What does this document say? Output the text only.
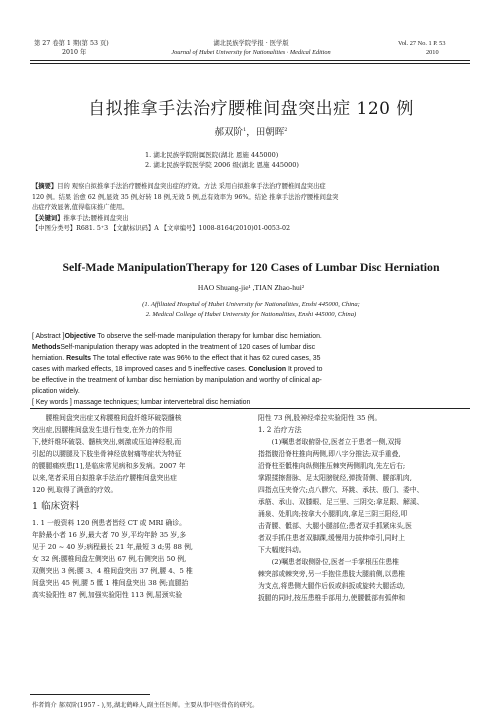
第 27 卷第 1 期(第 53 页)
2010 年
湖北民族学院学报 · 医学版
Journal of Hubei University for Nationalities · Medical Edition
Vol. 27 No. 1 P. 53
2010
自拟推拿手法治疗腰椎间盘突出症 120 例
郝双阶$^1$，田朝晖$^2$
1. 湖北民族学院附属医院(湖北 恩施 445000)
2. 湖北民族学院医学院 2006 级(湖北 恩施 445000)
【摘要】目的 观察自拟推拿手法治疗腰椎间盘突出症的疗效。方法 采用自拟推拿手法治疗腰椎间盘突出症
120 例。结果 治愈 62 例,显效 35 例,好转 18 例,无效 5 例,总有效率为 96%。结论 推拿手法治疗腰椎间盘突
出症疗效显著,值得临床推广使用。
【关键词】推拿手法;腰椎间盘突出
【中图分类号】R681. 5⁺3 【文献标识码】A 【文章编号】1008-8164(2010)01-0053-02
Self-Made ManipulationTherapy for 120 Cases of Lumbar Disc Herniation
HAO Shuang-jie¹ ,TIAN Zhao-hui²
(1. Affiliated Hospital of Hubei University for Nationalities, Enshi 445000, China;
2. Medical College of Hubei University for Nationalities, Enshi 445000, China)
[ Abstract ]Objective To observe the self-made manipulation therapy for lumbar disc herniation.
MethodsSelf-manipulation therapy was adopted in the treatment of 120 cases of lumbar disc
herniation. Results The total effective rate was 96% to the effect that it has 62 cured cases, 35
cases with marked effects, 18 improved cases and 5 ineffective cases. Conclusion It proved to
be effective in the treatment of lumbar disc herniation by manipulation and worthy of clinical ap-
plication widely.
[ Key words ] massage techniques; lumbar intervertebral disc herniation

腰椎间盘突出症又称腰椎间盘纤维环破裂髓核

突出症,因腰椎间盘发生退行性变,在外力的作用

下,使纤维环破裂、髓核突出,刺激或压迫神经根,而

引起的以腰腿及下肢坐骨神经放射痛等症状为特征

的腰腿痛疾患[1],是临床常见病和多发病。2007 年

以来,笔者采用自拟推拿手法治疗腰椎间盘突出症

120 例,取得了满意的疗效。

1 临床资料

1. 1 一般资料 120 例患者皆经 CT 或 MRI 确诊。

年龄最小者 16 岁,最大者 70 岁,平均年龄 35 岁,多

见于 20 ~ 40 岁;病程最长 21 年,最短 3 d;男 88 例,

女 32 例;腰椎间盘左侧突出 67 例,右侧突出 50 例,

双侧突出 3 例;腰 3、4 椎间盘突出 37 例,腰 4、5 椎

间盘突出 45 例,腰 5 骶 1 椎间盘突出 38 例;直腿抬

高实验阳性 87 例,加强实验阳性 113 例,屈颈实验

阳性 73 例,股神经牵拉实验阳性 35 例。

1. 2 治疗方法

(1)嘱患者取俯卧位,医者立于患者一侧,双拇

指指腹沿脊柱推向两侧,即八字分推法;双手重叠,

沿脊柱至骶椎向纵侧推压棘突两侧肌肉,先左后右;

掌跟揉擦督脉、足太阳膀胱经,弹拨背侧、腰部肌肉,

四指点压夹脊穴;点八髎穴、环跳、承扶、殷门、委中、

承筋、承山、双膝眼、足三里、三阴交;拿足跟、解溪、

涌泉、处肌肉;按拿大小腿肌肉,拿足三阴三阳经,叩

击背腰、骶部、大腿小腿部位;患者双手抓紧床头,医

者双手抓住患者双脚踝,缓慢用力拔伸牵引,同时上

下大幅度抖动。

(2)嘱患者取侧卧位,医者一手掌根压住患椎

棘突部或棘突旁,另一手抱住患肢大腿前侧,以患椎

为支点,将患侧大腿作后仮或斜扳或旋转大腿活动,

扳腿的同时,按压患椎手部用力,使腰骶部有弧伸和

作者简介 郝双阶(1957 - ),男,湖北鹤峰人,副主任医师。主要从事中医骨伤的研究。
